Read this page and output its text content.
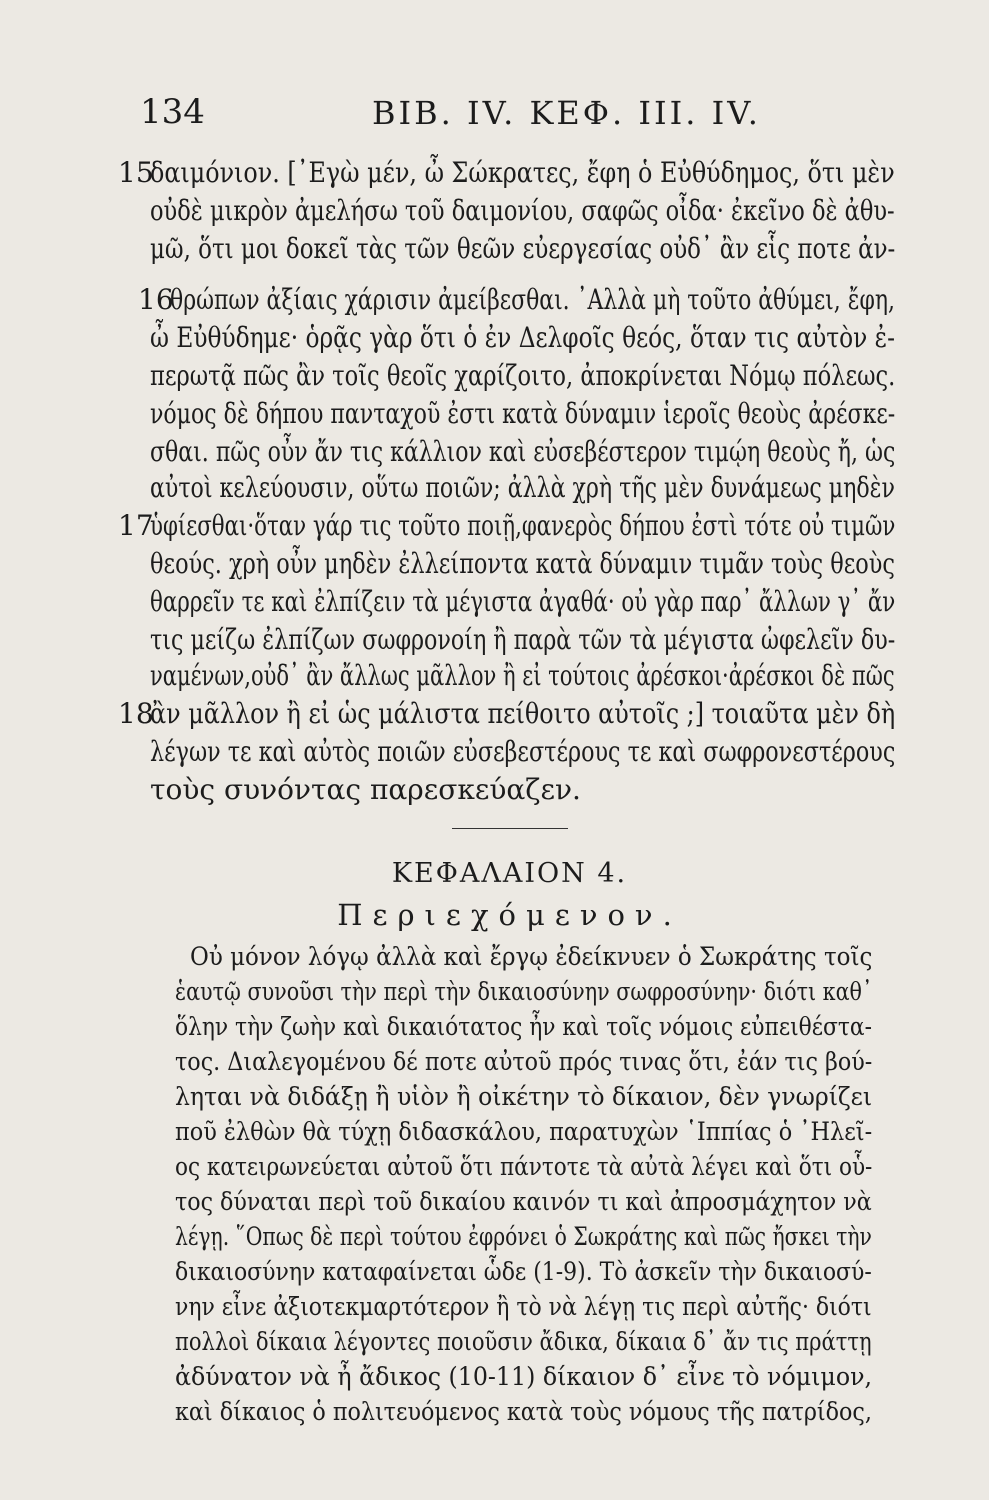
134	ΒΙΒ. ΙV. ΚΕΦ. ΙΙΙ. ΙV.
15
16
17
18
δαιμόνιον. [᾿Εγὼ μέν, ὦ Σώκρατες, ἔφη ὁ Εὐθύδημος, ὅτι μὲν
οὐδὲ μικρὸν ἀμελήσω τοῦ δαιμονίου, σαφῶς οἶδα· ἐκεῖνο δὲ ἀθυ-
μῶ, ὅτι μοι δοκεῖ τὰς τῶν θεῶν εὐεργεσίας οὐδ᾿ ἂν εἷς ποτε ἀν-
θρώπων ἀξίαις χάρισιν ἀμείβεσθαι. ᾿Αλλὰ μὴ τοῦτο ἀθύμει, ἔφη,
ὦ Εὐθύδημε· ὁρᾷς γὰρ ὅτι ὁ ἐν Δελφοῖς θεός, ὅταν τις αὐτὸν ἐ-
περωτᾷ πῶς ἂν τοῖς θεοῖς χαρίζοιτο, ἀποκρίνεται Νόμῳ πόλεως.
νόμος δὲ δήπου πανταχοῦ ἐστι κατὰ δύναμιν ἱεροῖς θεοὺς ἀρέσκε-
σθαι. πῶς οὖν ἄν τις κάλλιον καὶ εὐσεβέστερον τιμῴη θεοὺς ἤ, ὡς
αὐτοὶ κελεύουσιν, οὕτω ποιῶν; ἀλλὰ χρὴ τῆς μὲν δυνάμεως μηδὲν
ὑφίεσθαι·ὅταν γάρ τις τοῦτο ποιῇ,φανερὸς δήπου ἐστὶ τότε οὐ τιμῶν
θεούς. χρὴ οὖν μηδὲν ἐλλείποντα κατὰ δύναμιν τιμᾶν τοὺς θεοὺς
θαρρεῖν τε καὶ ἐλπίζειν τὰ μέγιστα ἀγαθά· οὐ γὰρ παρ᾿ ἄλλων γ᾿ ἄν
τις μείζω ἐλπίζων σωφρονοίη ἢ παρὰ τῶν τὰ μέγιστα ὠφελεῖν δυ-
ναμένων,οὐδ᾿ ἂν ἄλλως μᾶλλον ἢ εἰ τούτοις ἀρέσκοι·ἀρέσκοι δὲ πῶς
ἂν μᾶλλον ἢ εἰ ὡς μάλιστα πείθοιτο αὐτοῖς ;] τοιαῦτα μὲν δὴ
λέγων τε καὶ αὐτὸς ποιῶν εὐσεβεστέρους τε καὶ σωφρονεστέρους
τοὺς συνόντας παρεσκεύαζεν.
ΚΕΦΑΛΑΙΟΝ 4.
Περιεχόμενον.
Οὐ μόνον λόγῳ ἀλλὰ καὶ ἔργῳ ἐδείκνυεν ὁ Σωκράτης τοῖς
ἑαυτῷ συνοῦσι τὴν περὶ τὴν δικαιοσύνην σωφροσύνην· διότι καθ᾿
ὅλην τὴν ζωὴν καὶ δικαιότατος ἦν καὶ τοῖς νόμοις εὐπειθέστα-
τος. Διαλεγομένου δέ ποτε αὐτοῦ πρός τινας ὅτι, ἐάν τις βού-
ληται νὰ διδάξῃ ἢ υἱὸν ἢ οἰκέτην τὸ δίκαιον, δὲν γνωρίζει
ποῦ ἐλθὼν θὰ τύχῃ διδασκάλου, παρατυχὼν ῾Ιππίας ὁ ᾿Ηλεῖ-
ος κατειρωνεύεται αὐτοῦ ὅτι πάντοτε τὰ αὐτὰ λέγει καὶ ὅτι οὗ-
τος δύναται περὶ τοῦ δικαίου καινόν τι καὶ ἀπροσμάχητον νὰ
λέγῃ. ῞Οπως δὲ περὶ τούτου ἐφρόνει ὁ Σωκράτης καὶ πῶς ἤσκει τὴν
δικαιοσύνην καταφαίνεται ὧδε (1-9). Τὸ ἀσκεῖν τὴν δικαιοσύ-
νην εἶνε ἀξιοτεκμαρτότερον ἢ τὸ νὰ λέγῃ τις περὶ αὐτῆς· διότι
πολλοὶ δίκαια λέγοντες ποιοῦσιν ἄδικα, δίκαια δ᾿ ἄν τις πράττῃ
ἀδύνατον νὰ ἦ ἄδικος (10-11) δίκαιον δ᾿ εἶνε τὸ νόμιμον,
καὶ δίκαιος ὁ πολιτευόμενος κατὰ τοὺς νόμους τῆς πατρίδος,
